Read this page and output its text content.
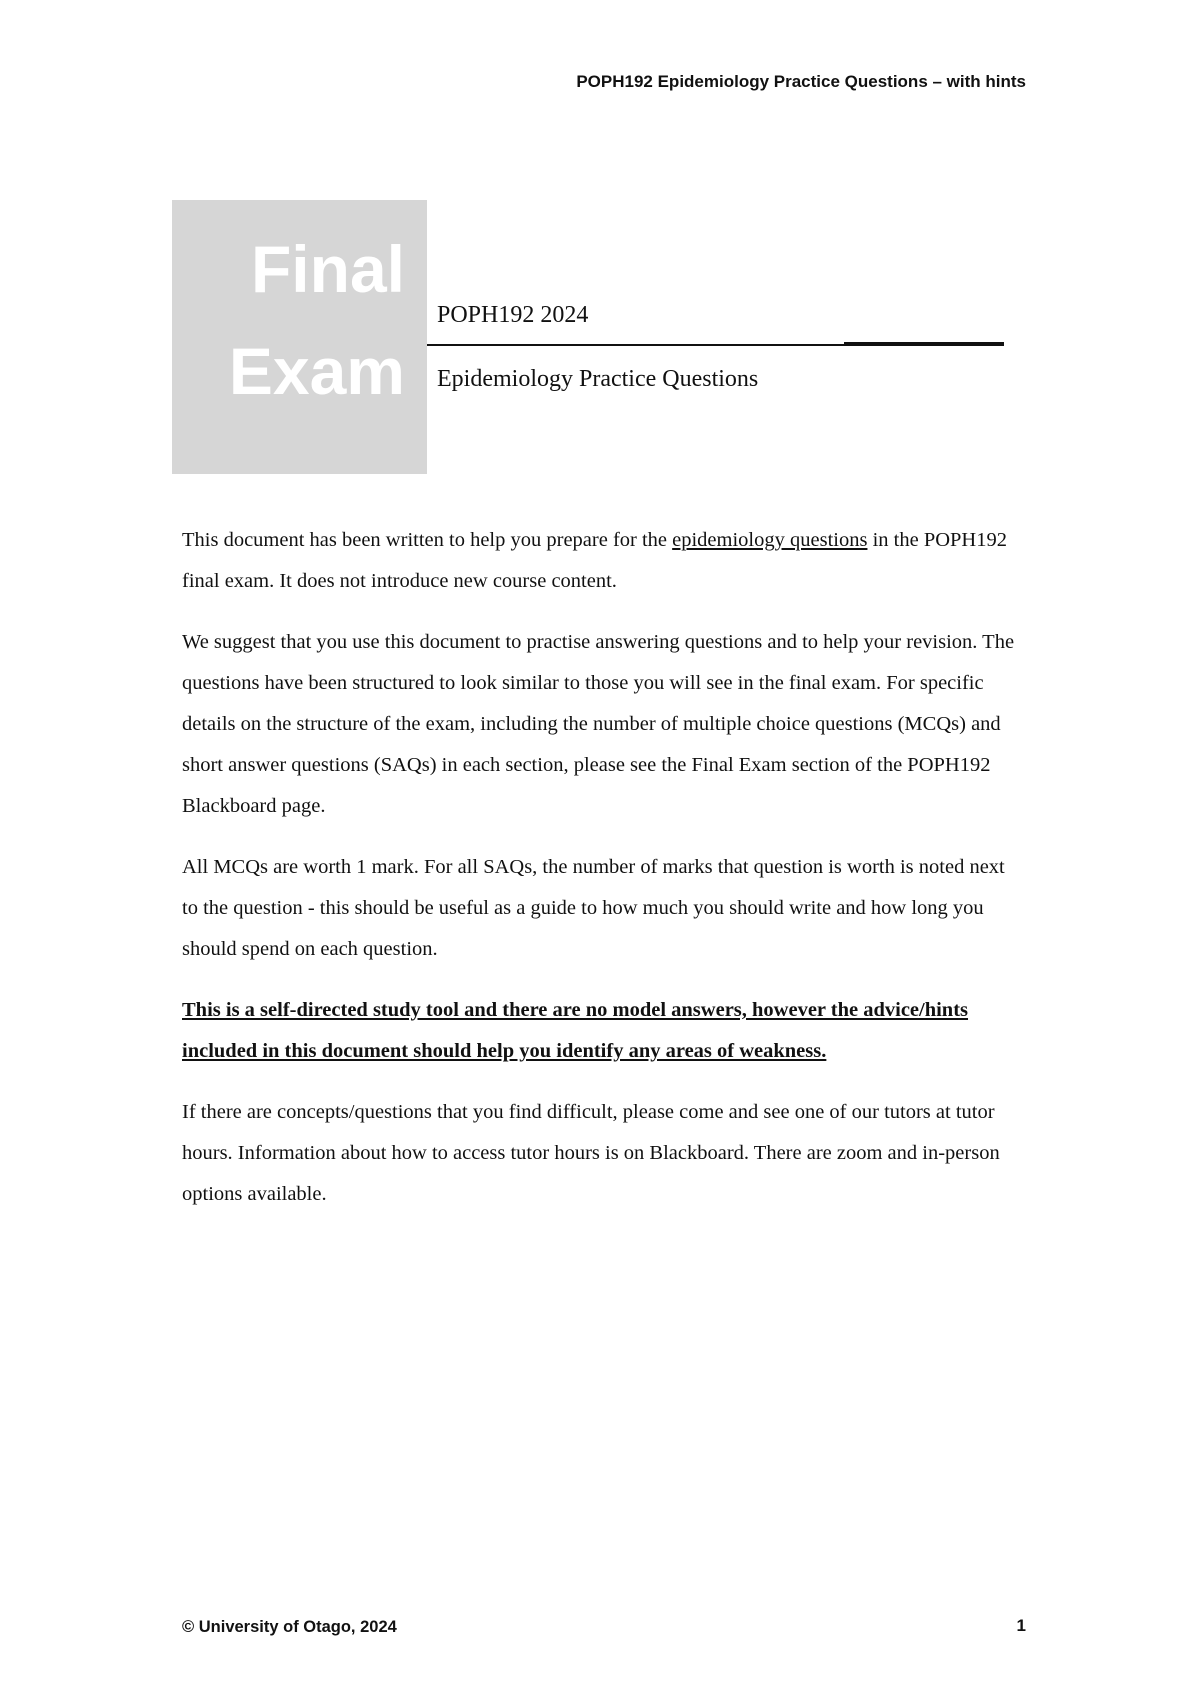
POPH192 Epidemiology Practice Questions – with hints
Final
Exam
POPH192 2024
Epidemiology Practice Questions

This document has been written to help you prepare for the epidemiology questions in the POPH192 final exam. It does not introduce new course content.

We suggest that you use this document to practise answering questions and to help your revision. The questions have been structured to look similar to those you will see in the final exam. For specific details on the structure of the exam, including the number of multiple choice questions (MCQs) and short answer questions (SAQs) in each section, please see the Final Exam section of the POPH192 Blackboard page.

All MCQs are worth 1 mark. For all SAQs, the number of marks that question is worth is noted next to the question - this should be useful as a guide to how much you should write and how long you should spend on each question.

This is a self-directed study tool and there are no model answers, however the advice/hints included in this document should help you identify any areas of weakness.

If there are concepts/questions that you find difficult, please come and see one of our tutors at tutor hours. Information about how to access tutor hours is on Blackboard. There are zoom and in-person options available.

© University of Otago, 2024	1
